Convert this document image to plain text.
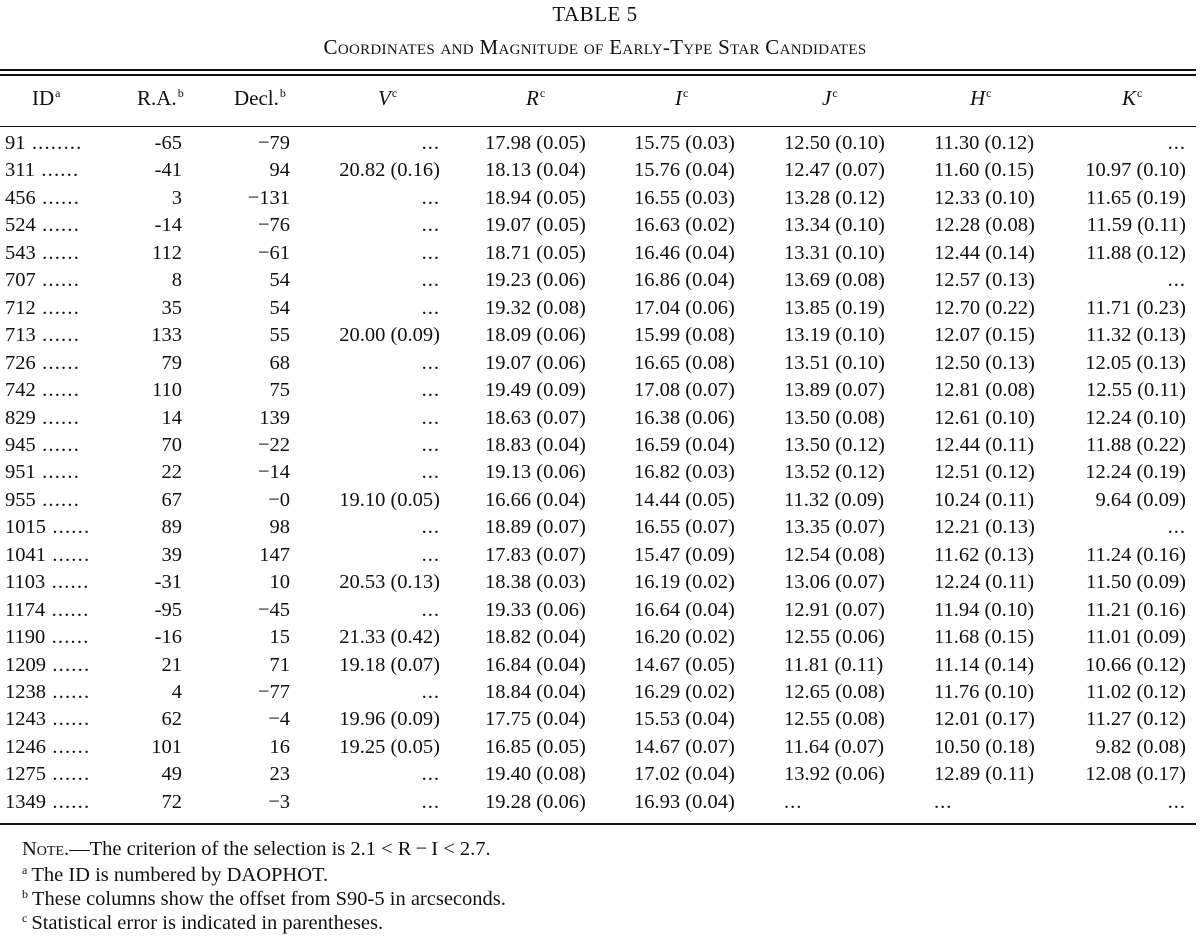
TABLE 5
Coordinates and Magnitude of Early-Type Star Candidates
$ID^a$	R.A.$^b$ Decl.$^b$	$V^c$	$R^c$	$I^c$	$J^c$	$H^c$	$K^c$
91 ........	-65	−79	... 17.98 (0.05) 15.75 (0.03) 12.50 (0.10) 11.30 (0.12)	...
311 ......	-41	94 20.82 (0.16) 18.13 (0.04) 15.76 (0.04) 12.47 (0.07) 11.60 (0.15) 10.97 (0.10)
456 ......	3	−131	... 18.94 (0.05) 16.55 (0.03) 13.28 (0.12) 12.33 (0.10) 11.65 (0.19)
524 ......	-14	−76	... 19.07 (0.05) 16.63 (0.02) 13.34 (0.10) 12.28 (0.08)	11.59 (0.11)
543 ......	112	−61	... 18.71 (0.05) 16.46 (0.04) 13.31 (0.10) 12.44 (0.14) 11.88 (0.12)
707 ......	8	54	... 19.23 (0.06) 16.86 (0.04) 13.69 (0.08) 12.57 (0.13)	...
712 ......	35	54	... 19.32 (0.08) 17.04 (0.06) 13.85 (0.19) 12.70 (0.22) 11.71 (0.23)
713 ......	133	55 20.00 (0.09) 18.09 (0.06) 15.99 (0.08) 13.19 (0.10) 12.07 (0.15) 11.32 (0.13)
726 ......	79	68	... 19.07 (0.06) 16.65 (0.08) 13.51 (0.10) 12.50 (0.13) 12.05 (0.13)
742 ......	110	75	... 19.49 (0.09) 17.08 (0.07) 13.89 (0.07) 12.81 (0.08) 12.55 (0.11)
829 ......	14	139	... 18.63 (0.07) 16.38 (0.06) 13.50 (0.08) 12.61 (0.10) 12.24 (0.10)
945 ......	70	−22	... 18.83 (0.04) 16.59 (0.04) 13.50 (0.12) 12.44 (0.11)	11.88 (0.22)
951 ......	22	−14	... 19.13 (0.06) 16.82 (0.03) 13.52 (0.12) 12.51 (0.12) 12.24 (0.19)
955 ......	67	−0 19.10 (0.05) 16.66 (0.04) 14.44 (0.05) 11.32 (0.09) 10.24 (0.11)	9.64 (0.09)
1015 ......	89	98	... 18.89 (0.07) 16.55 (0.07) 13.35 (0.07) 12.21 (0.13)	...
1041 ......	39	147	... 17.83 (0.07) 15.47 (0.09) 12.54 (0.08) 11.62 (0.13)	11.24 (0.16)
1103 ......	-31	10 20.53 (0.13) 18.38 (0.03) 16.19 (0.02) 13.06 (0.07) 12.24 (0.11)	11.50 (0.09)
1174 ......	-95	−45	... 19.33 (0.06) 16.64 (0.04) 12.91 (0.07) 11.94 (0.10)	11.21 (0.16)
1190 ......	-16	15 21.33 (0.42) 18.82 (0.04) 16.20 (0.02) 12.55 (0.06) 11.68 (0.15)	11.01 (0.09)
1209 ......	21	71 19.18 (0.07) 16.84 (0.04) 14.67 (0.05) 11.81 (0.11) 11.14 (0.14) 10.66 (0.12)
1238 ......	4	−77	... 18.84 (0.04) 16.29 (0.02) 12.65 (0.08) 11.76 (0.10)	11.02 (0.12)
1243 ......	62	−4 19.96 (0.09) 17.75 (0.04) 15.53 (0.04) 12.55 (0.08) 12.01 (0.17) 11.27 (0.12)
1246 ......	101	16 19.25 (0.05) 16.85 (0.05) 14.67 (0.07) 11.64 (0.07) 10.50 (0.18)	9.82 (0.08)
1275 ......	49	23	... 19.40 (0.08) 17.02 (0.04) 13.92 (0.06) 12.89 (0.11) 12.08 (0.17)
1349 ......	72	−3	... 19.28 (0.06) 16.93 (0.04) ...	...	...
Note.—The criterion of the selection is 2.1 < R − I < 2.7.
$^a$ The ID is numbered by DAOPHOT.
$^b$ These columns show the offset from S90-5 in arcseconds.
$^c$ Statistical error is indicated in parentheses.
